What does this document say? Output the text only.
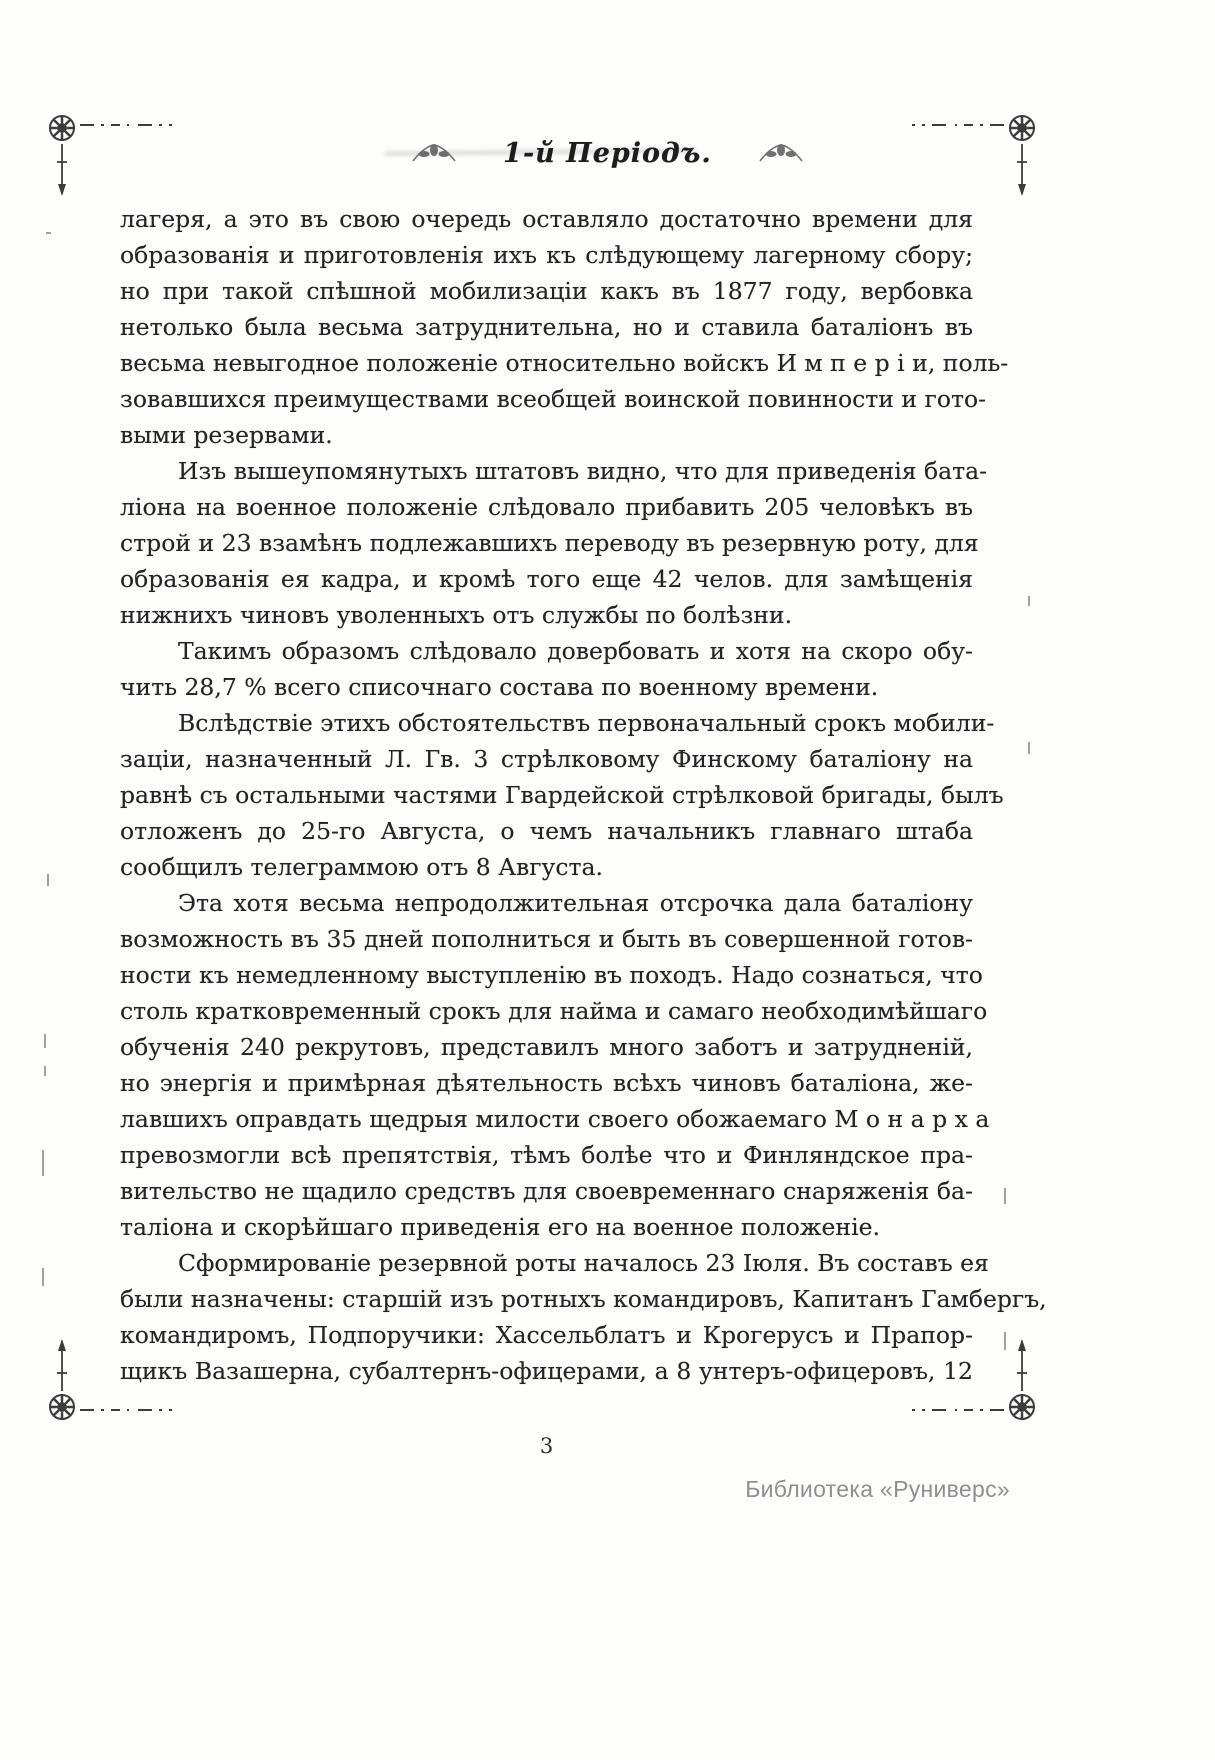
1-й Періодъ.
лагеря, а это въ свою очередь оставляло достаточно времени для
образованія и приготовленія ихъ къ слѣдующему лагерному сбору;
но при такой спѣшной мобилизаціи какъ въ 1877 году, вербовка
нетолько была весьма затруднительна, но и ставила баталіонъ въ
весьма невыгодное положеніе относительно войскъ И м п е р і и, поль-
зовавшихся преимуществами всеобщей воинской повинности и гото-
выми резервами.
Изъ вышеупомянутыхъ штатовъ видно, что для приведенія бата-
ліона на военное положеніе слѣдовало прибавить 205 человѣкъ въ
строй и 23 взамѣнъ подлежавшихъ переводу въ резервную роту, для
образованія ея кадра, и кромѣ того еще 42 челов. для замѣщенія
нижнихъ чиновъ уволенныхъ отъ службы по болѣзни.
Такимъ образомъ слѣдовало довербовать и хотя на скоро обу-
чить 28,7 % всего списочнаго состава по военному времени.
Вслѣдствіе этихъ обстоятельствъ первоначальный срокъ мобили-
заціи, назначенный Л. Гв. 3 стрѣлковому Финскому баталіону на
равнѣ съ остальными частями Гвардейской стрѣлковой бригады, былъ
отложенъ до 25-го Августа, о чемъ начальникъ главнаго штаба
сообщилъ телеграммою отъ 8 Августа.
Эта хотя весьма непродолжительная отсрочка дала баталіону
возможность въ 35 дней пополниться и быть въ совершенной готов-
ности къ немедленному выступленію въ походъ. Надо сознаться, что
столь кратковременный срокъ для найма и самаго необходимѣйшаго
обученія 240 рекрутовъ, представилъ много заботъ и затрудненій,
но энергія и примѣрная дѣятельность всѣхъ чиновъ баталіона, же-
лавшихъ оправдать щедрыя милости своего обожаемаго М о н а р х а
превозмогли всѣ препятствія, тѣмъ болѣе что и Финляндское пра-
вительство не щадило средствъ для своевременнаго снаряженія ба-
таліона и скорѣйшаго приведенія его на военное положеніе.
Сформированіе резервной роты началось 23 Іюля. Въ составъ ея
были назначены: старшій изъ ротныхъ командировъ, Капитанъ Гамбергъ,
командиромъ, Подпоручики: Хассельблатъ и Крогерусъ и Прапор-
щикъ Вазашерна, субалтернъ-офицерами, а 8 унтеръ-офицеровъ, 12
3
Библиотека «Руниверс»
